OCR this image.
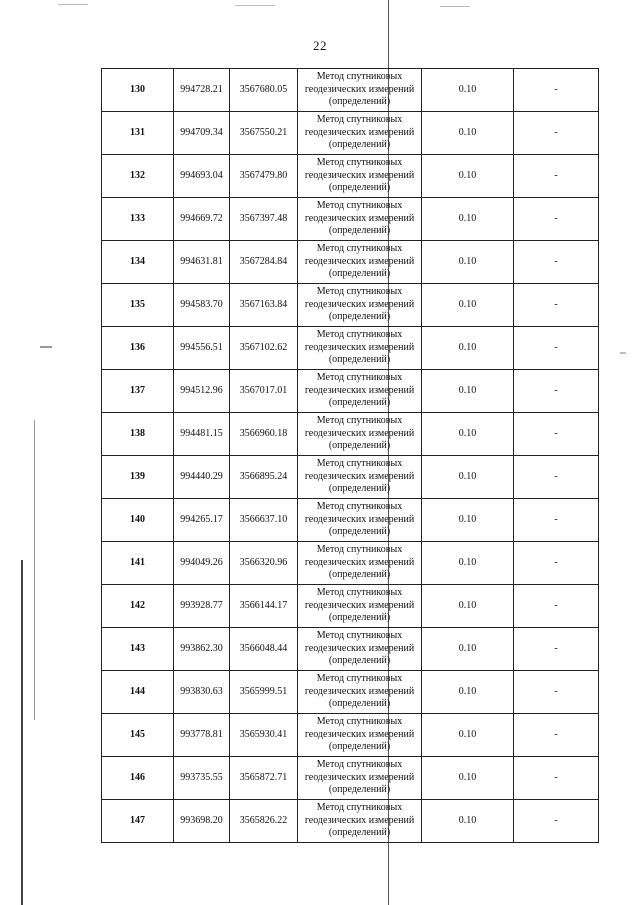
22
130	994728.21	3567680.05	Метод спутниковых
геодезических измерений
(определений)	0.10	-
131	994709.34	3567550.21	Метод спутниковых
геодезических измерений
(определений)	0.10	-
132	994693.04	3567479.80	Метод спутниковых
геодезических измерений
(определений)	0.10	-
133	994669.72	3567397.48	Метод спутниковых
геодезических измерений
(определений)	0.10	-
134	994631.81	3567284.84	Метод спутниковых
геодезических измерений
(определений)	0.10	-
135	994583.70	3567163.84	Метод спутниковых
геодезических измерений
(определений)	0.10	-
136	994556.51	3567102.62	Метод спутниковых
геодезических измерений
(определений)	0.10	-
137	994512.96	3567017.01	Метод спутниковых
геодезических измерений
(определений)	0.10	-
138	994481.15	3566960.18	Метод спутниковых
геодезических измерений
(определений)	0.10	-
139	994440.29	3566895.24	Метод спутниковых
геодезических измерений
(определений)	0.10	-
140	994265.17	3566637.10	Метод спутниковых
геодезических измерений
(определений)	0.10	-
141	994049.26	3566320.96	Метод спутниковых
геодезических измерений
(определений)	0.10	-
142	993928.77	3566144.17	Метод спутниковых
геодезических измерений
(определений)	0.10	-
143	993862.30	3566048.44	Метод спутниковых
геодезических измерений
(определений)	0.10	-
144	993830.63	3565999.51	Метод спутниковых
геодезических измерений
(определений)	0.10	-
145	993778.81	3565930.41	Метод спутниковых
геодезических измерений
(определений)	0.10	-
146	993735.55	3565872.71	Метод спутниковых
геодезических измерений
(определений)	0.10	-
147	993698.20	3565826.22	Метод спутниковых
геодезических измерений
(определений)	0.10	-
